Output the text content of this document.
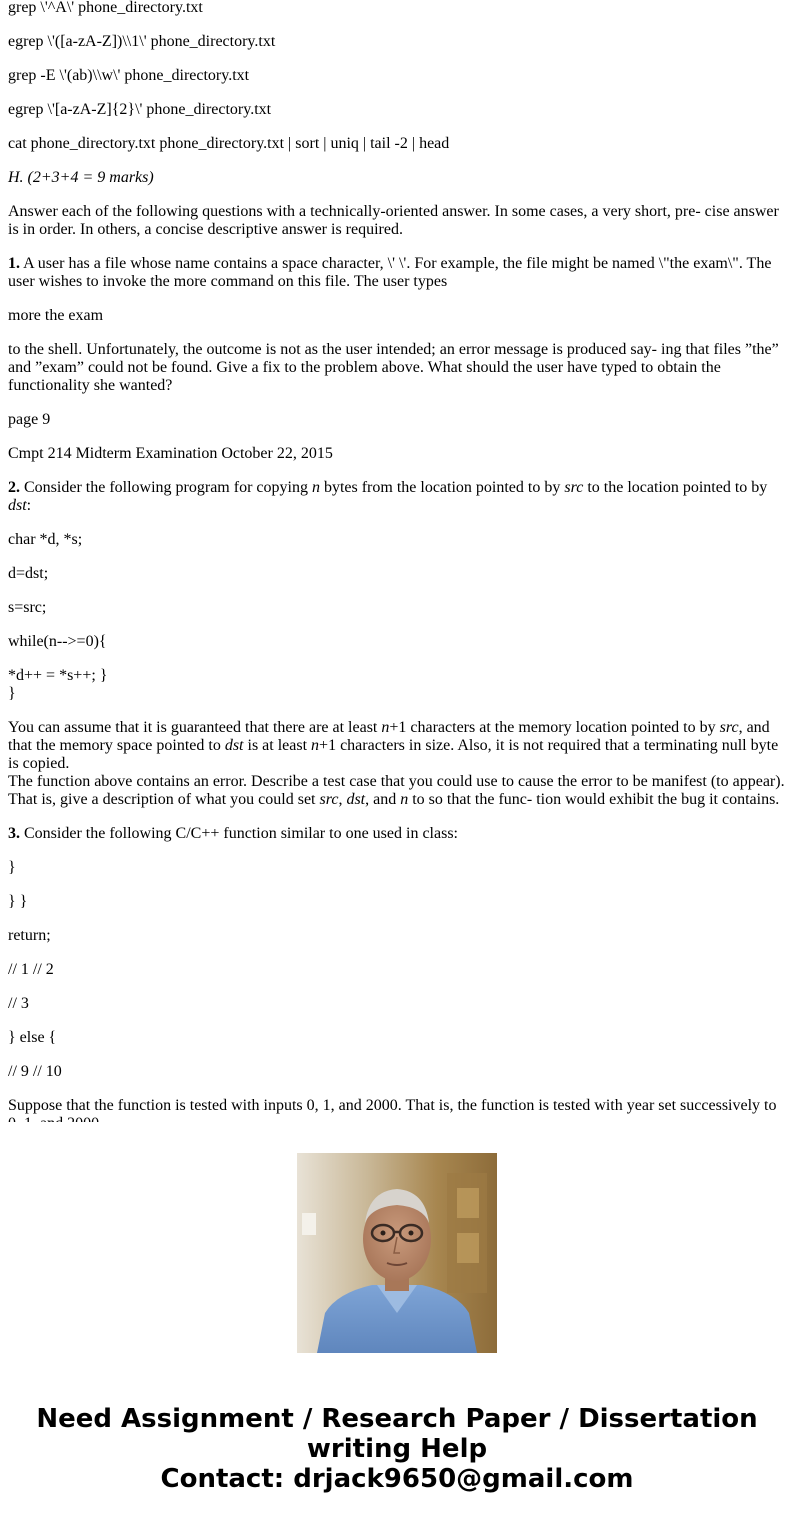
grep \'^A\' phone_directory.txt

egrep \'([a-zA-Z])\\1\' phone_directory.txt

grep -E \'(ab)\\w\' phone_directory.txt

egrep \'[a-zA-Z]{2}\' phone_directory.txt

cat phone_directory.txt phone_directory.txt | sort | uniq | tail -2 | head

H. (2+3+4 = 9 marks)

Answer each of the following questions with a technically-oriented answer. In some cases, a very short, pre- cise answer is in order. In others, a concise descriptive answer is required.

1. A user has a file whose name contains a space character, \' \'. For example, the file might be named \"the exam\". The user wishes to invoke the more command on this file. The user types

more the exam

to the shell. Unfortunately, the outcome is not as the user intended; an error message is produced say- ing that files ”the” and ”exam” could not be found. Give a fix to the problem above. What should the user have typed to obtain the functionality she wanted?

page 9

Cmpt 214 Midterm Examination October 22, 2015

2. Consider the following program for copying n bytes from the location pointed to by src to the location pointed to by dst:

char *d, *s;

d=dst;

s=src;

while(n-->=0){

*d++ = *s++; }
}

You can assume that it is guaranteed that there are at least n+1 characters at the memory location pointed to by src, and that the memory space pointed to dst is at least n+1 characters in size. Also, it is not required that a terminating null byte is copied.
The function above contains an error. Describe a test case that you could use to cause the error to be manifest (to appear). That is, give a description of what you could set src, dst, and n to so that the func- tion would exhibit the bug it contains.

3. Consider the following C/C++ function similar to one used in class:

}

} }

return;

// 1 // 2

// 3

} else {

// 9 // 10

Suppose that the function is tested with inputs 0, 1, and 2000. That is, the function is tested with year set successively to

Need Assignment / Research Paper / Dissertation
writing Help
Contact: drjack9650@gmail.com
